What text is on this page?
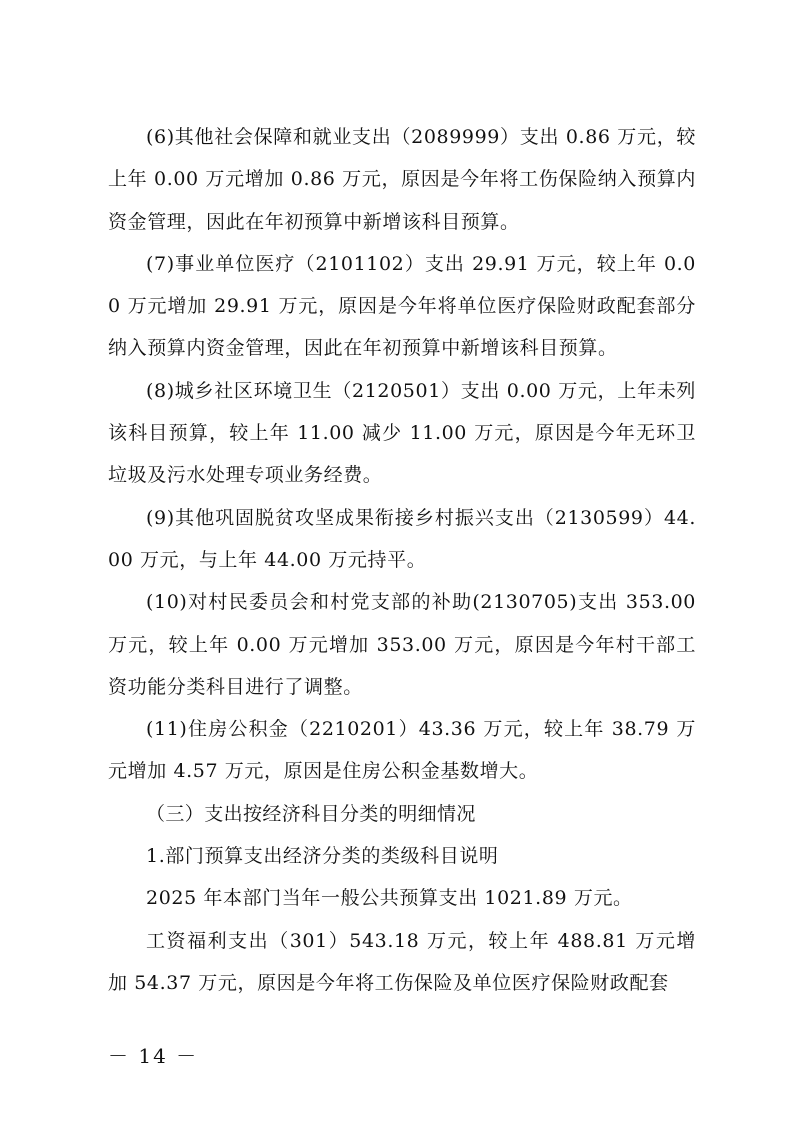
(6)其他社会保障和就业支出（2089999）支出 0.86 万元，较上年 0.00 万元增加 0.86 万元，原因是今年将工伤保险纳入预算内资金管理，因此在年初预算中新增该科目预算。

(7)事业单位医疗（2101102）支出 29.91 万元，较上年 0.00 万元增加 29.91 万元，原因是今年将单位医疗保险财政配套部分纳入预算内资金管理，因此在年初预算中新增该科目预算。

(8)城乡社区环境卫生（2120501）支出 0.00 万元，上年未列该科目预算，较上年 11.00 减少 11.00 万元，原因是今年无环卫垃圾及污水处理专项业务经费。

(9)其他巩固脱贫攻坚成果衔接乡村振兴支出（2130599）44.00 万元，与上年 44.00 万元持平。

(10)对村民委员会和村党支部的补助(2130705)支出 353.00 万元，较上年 0.00 万元增加 353.00 万元，原因是今年村干部工资功能分类科目进行了调整。

(11)住房公积金（2210201）43.36 万元，较上年 38.79 万元增加 4.57 万元，原因是住房公积金基数增大。

（三）支出按经济科目分类的明细情况

1.部门预算支出经济分类的类级科目说明

2025 年本部门当年一般公共预算支出 1021.89 万元。

工资福利支出（301）543.18 万元，较上年 488.81 万元增加 54.37 万元，原因是今年将工伤保险及单位医疗保险财政配套

－ 14 －
